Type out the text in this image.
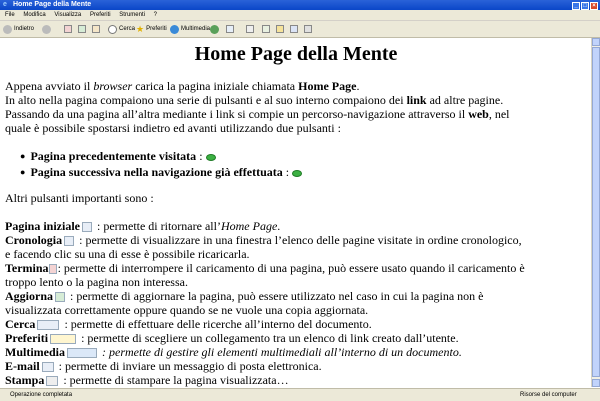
e Home Page della Mente	_ □ ×
File Modifica Visualizza Preferiti Strumenti ?
Indietro	Cerca ★ Preferiti Multimedia
Home Page della Mente

Appena avviato il browser carica la pagina iniziale chiamata Home Page.

In alto nella pagina compaiono una serie di pulsanti e al suo interno compaiono dei link ad altre pagine.

Passando da una pagina all’altra mediante i link si compie un percorso-navigazione attraverso il web, nel

quale è possibile spostarsi indietro ed avanti utilizzando due pulsanti :

● Pagina precedentemente visitata :
● Pagina successiva nella navigazione già effettuata :

Altri pulsanti importanti sono :

Pagina iniziale : permette di ritornare all’Home Page.

Cronologia : permette di visualizzare in una finestra l’elenco delle pagine visitate in ordine cronologico,

e facendo clic su una di esse è possibile ricaricarla.

Termina : permette di interrompere il caricamento di una pagina, può essere usato quando il caricamento è

troppo lento o la pagina non interessa.

Aggiorna : permette di aggiornare la pagina, può essere utilizzato nel caso in cui la pagina non è

visualizzata correttamente oppure quando se ne vuole una copia aggiornata.

Cerca : permette di effettuare delle ricerche all’interno del documento.

Preferiti	: permette di scegliere un collegamento tra un elenco di link creato dall’utente.

Multimedia	: permette di gestire gli elementi multimediali all’interno di un documento.

E-mail : permette di inviare un messaggio di posta elettronica.

Stampa : permette di stampare la pagina visualizzata…

Operazione completata	Risorse del computer
